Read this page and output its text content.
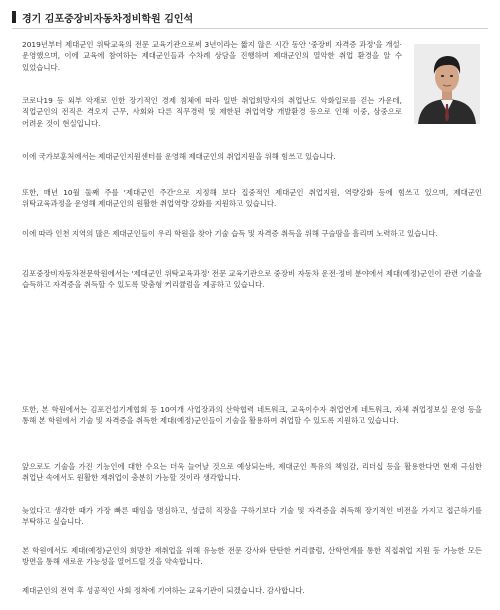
경기 김포중장비자동차정비학원 김인석

2019년부터 제대군인 위탁교육의 전문 교육기관으로써 3년이라는 짧지 않은 시간 동안 '중장비 자격증 과정'을 개설·운영했으며, 이에 교육에 참여하는 제대군인들과 수차례 상담을 진행하며 제대군인의 열악한 취업 환경을 알 수 있었습니다.

코로나19 등 외부 악재로 인한 장기적인 경제 침체에 따라 일반 취업희망자의 취업난도 악화일로를 걷는 가운데, 직업군인의 전직은 격오지 근무, 사회와 다른 직무경력 및 제한된 취업역량 개발환경 등으로 인해 이중, 삼중으로 어려운 것이 현실입니다.

이에 국가보훈처에서는 제대군인지원센터를 운영해 제대군인의 취업지원을 위해 힘쓰고 있습니다.

또한, 매년 10월 둘째 주를 '제대군인 주간'으로 지정해 보다 집중적인 제대군인 취업지원, 역량강화 등에 힘쓰고 있으며, 제대군인 위탁교육과정을 운영해 제대군인의 원활한 취업역량 강화를 지원하고 있습니다.

이에 따라 인천 지역의 많은 제대군인들이 우리 학원을 찾아 기술 습득 및 자격증 취득을 위해 구슬땀을 흘리며 노력하고 있습니다.

김포중장비자동차전문학원에서는 '제대군인 위탁교육과정' 전문 교육기관으로 중장비 자동차 운전·정비 분야에서 제대(예정)군인이 관련 기술을 습득하고 자격증을 취득할 수 있도록 맞춤형 커리큘럼을 제공하고 있습니다.

또한, 본 학원에서는 김포건설기계협회 등 10여개 사업장과의 산학협력 네트워크, 교육이수자 취업연계 네트워크, 자체 취업정보실 운영 등을 통해 본 학원에서 기술 및 자격증을 취득한 제대(예정)군인들이 기술을 활용하여 취업할 수 있도록 지원하고 있습니다.

앞으로도 기술을 가진 기능인에 대한 수요는 더욱 늘어날 것으로 예상되는바, 제대군인 특유의 책임감, 리더십 등을 활용한다면 현재 극심한 취업난 속에서도 원활한 재취업이 충분히 가능할 것이라 생각합니다.

늦었다고 생각한 때가 가장 빠른 때임을 명심하고, 성급히 직장을 구하기보다 기술 및 자격증을 취득해 장기적인 비전을 가지고 접근하기를 부탁하고 싶습니다.

본 학원에서도 제대(예정)군인의 희망찬 재취업을 위해 유능한 전문 강사와 탄탄한 커리큘럼, 산학연계를 통한 직접취업 지원 등 가능한 모든 방면을 통해 새로운 가능성을 열어드릴 것을 약속합니다.

제대군인의 전역 후 성공적인 사회 정착에 기여하는 교육기관이 되겠습니다. 감사합니다.
